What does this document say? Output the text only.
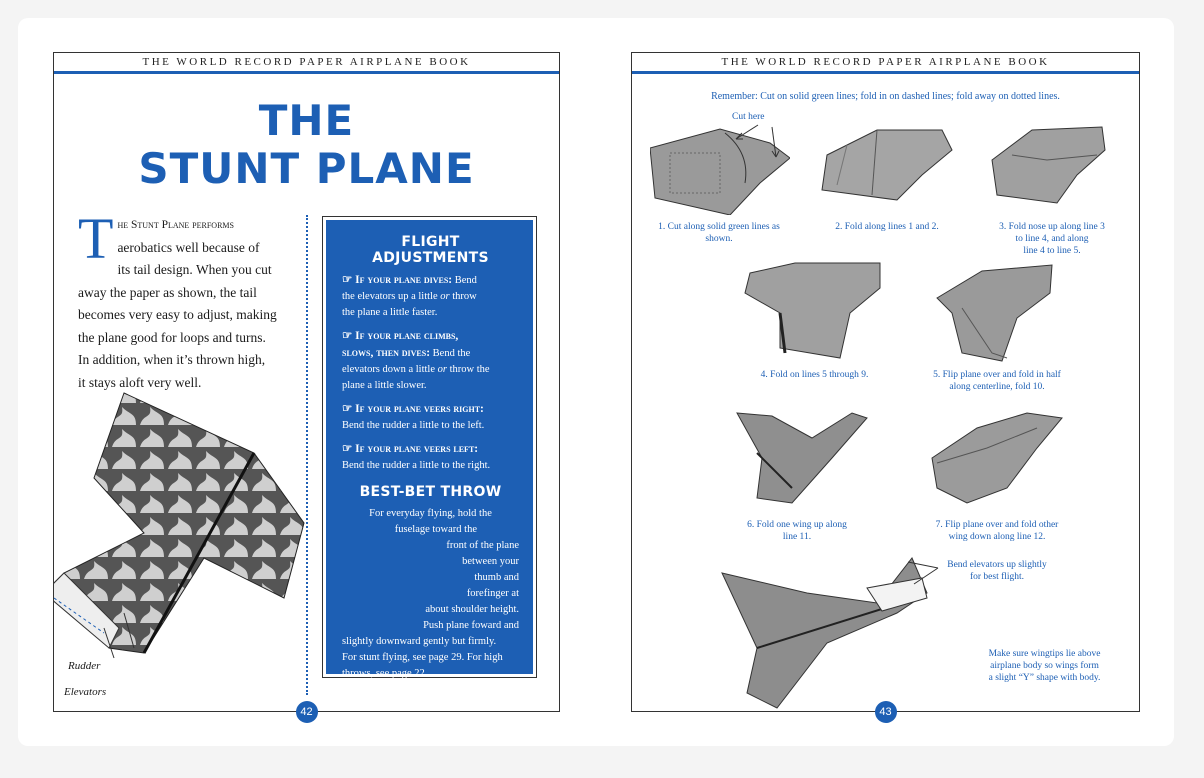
THE WORLD RECORD PAPER AIRPLANE BOOK
THE
STUNT PLANE
T he Stunt Plane performs
aerobatics well because of
its tail design. When you cut
away the paper as shown, the tail
becomes very easy to adjust, making
the plane good for loops and turns.
In addition, when it’s thrown high,
it stays aloft very well.
Rudder
Elevators
FLIGHT ADJUSTMENTS
☞ If your plane dives: Bend
the elevators up a little or throw
the plane a little faster.
☞ If your plane climbs,
slows, then dives: Bend the
elevators down a little or throw the
plane a little slower.
☞ If your plane veers right:
Bend the rudder a little to the left.
☞ If your plane veers left:
Bend the rudder a little to the right.
BEST-BET THROW
For everyday flying, hold the
fuselage toward the
front of the plane
between your
thumb and
forefinger at
about shoulder height.
Push plane foward and
slightly downward gently but firmly.
For stunt flying, see page 29. For high
throws, see page 22.
42
THE WORLD RECORD PAPER AIRPLANE BOOK
Remember: Cut on solid green lines; fold in on dashed lines; fold away on dotted lines.
Cut here
1. Cut along solid green lines as
shown.
2. Fold along lines 1 and 2.	3. Fold nose up along line 3
to line 4, and along
line 4 to line 5.
4. Fold on lines 5 through 9.	5. Flip plane over and fold in half
along centerline, fold 10.
6. Fold one wing up along
line 11.
7. Flip plane over and fold other
wing down along line 12.
Bend elevators up slightly
for best flight.
Make sure wingtips lie above
airplane body so wings form
a slight “Y” shape with body.
43
